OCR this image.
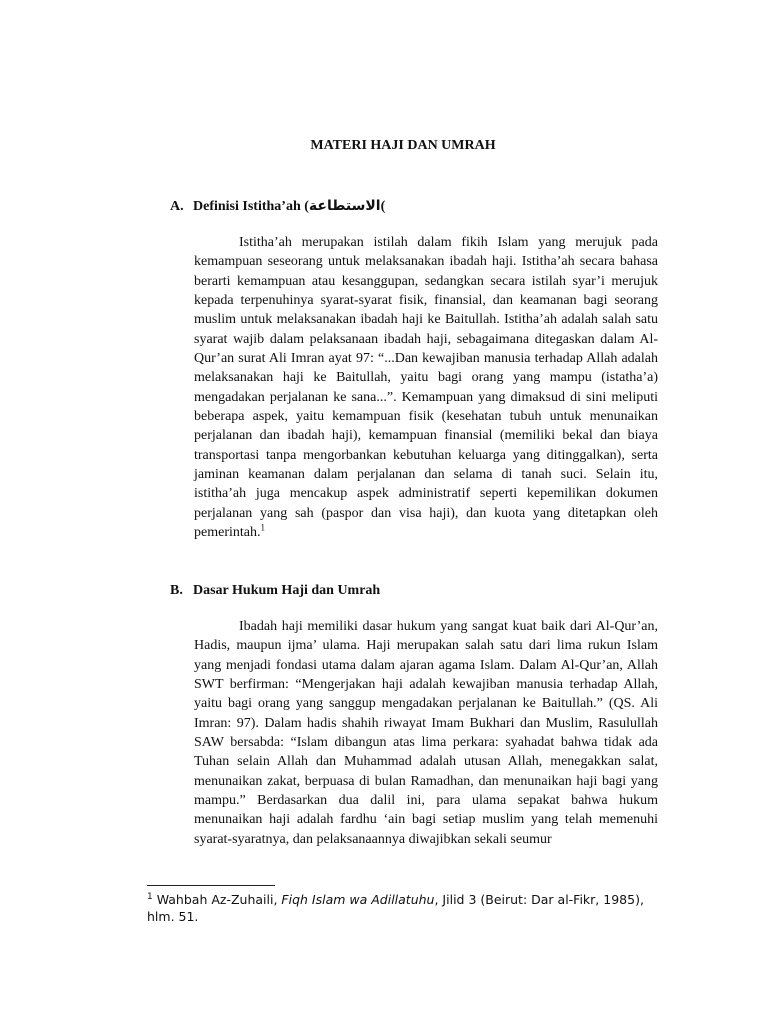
MATERI HAJI DAN UMRAH
A. Definisi Istitha’ah (الاستطاعة(

Istitha’ah merupakan istilah dalam fikih Islam yang merujuk pada kemampuan seseorang untuk melaksanakan ibadah haji. Istitha’ah secara bahasa berarti kemampuan atau kesanggupan, sedangkan secara istilah syar’i merujuk kepada terpenuhinya syarat-syarat fisik, finansial, dan keamanan bagi seorang muslim untuk melaksanakan ibadah haji ke Baitullah. Istitha’ah adalah salah satu syarat wajib dalam pelaksanaan ibadah haji, sebagaimana ditegaskan dalam Al-Qur’an surat Ali Imran ayat 97: “...Dan kewajiban manusia terhadap Allah adalah melaksanakan haji ke Baitullah, yaitu bagi orang yang mampu (istatha’a) mengadakan perjalanan ke sana...”. Kemampuan yang dimaksud di sini meliputi beberapa aspek, yaitu kemampuan fisik (kesehatan tubuh untuk menunaikan perjalanan dan ibadah haji), kemampuan finansial (memiliki bekal dan biaya transportasi tanpa mengorbankan kebutuhan keluarga yang ditinggalkan), serta jaminan keamanan dalam perjalanan dan selama di tanah suci. Selain itu, istitha’ah juga mencakup aspek administratif seperti kepemilikan dokumen perjalanan yang sah (paspor dan visa haji), dan kuota yang ditetapkan oleh pemerintah.$^1$

B. Dasar Hukum Haji dan Umrah

Ibadah haji memiliki dasar hukum yang sangat kuat baik dari Al-Qur’an, Hadis, maupun ijma’ ulama. Haji merupakan salah satu dari lima rukun Islam yang menjadi fondasi utama dalam ajaran agama Islam. Dalam Al-Qur’an, Allah SWT berfirman: “Mengerjakan haji adalah kewajiban manusia terhadap Allah, yaitu bagi orang yang sanggup mengadakan perjalanan ke Baitullah.” (QS. Ali Imran: 97). Dalam hadis shahih riwayat Imam Bukhari dan Muslim, Rasulullah SAW bersabda: “Islam dibangun atas lima perkara: syahadat bahwa tidak ada Tuhan selain Allah dan Muhammad adalah utusan Allah, menegakkan salat, menunaikan zakat, berpuasa di bulan Ramadhan, dan menunaikan haji bagi yang mampu.” Berdasarkan dua dalil ini, para ulama sepakat bahwa hukum menunaikan haji adalah fardhu ‘ain bagi setiap muslim yang telah memenuhi syarat-syaratnya, dan pelaksanaannya diwajibkan sekali seumur

$^1$ Wahbah Az-Zuhaili, Fiqh Islam wa Adillatuhu, Jilid 3 (Beirut: Dar al-Fikr, 1985), hlm. 51.
